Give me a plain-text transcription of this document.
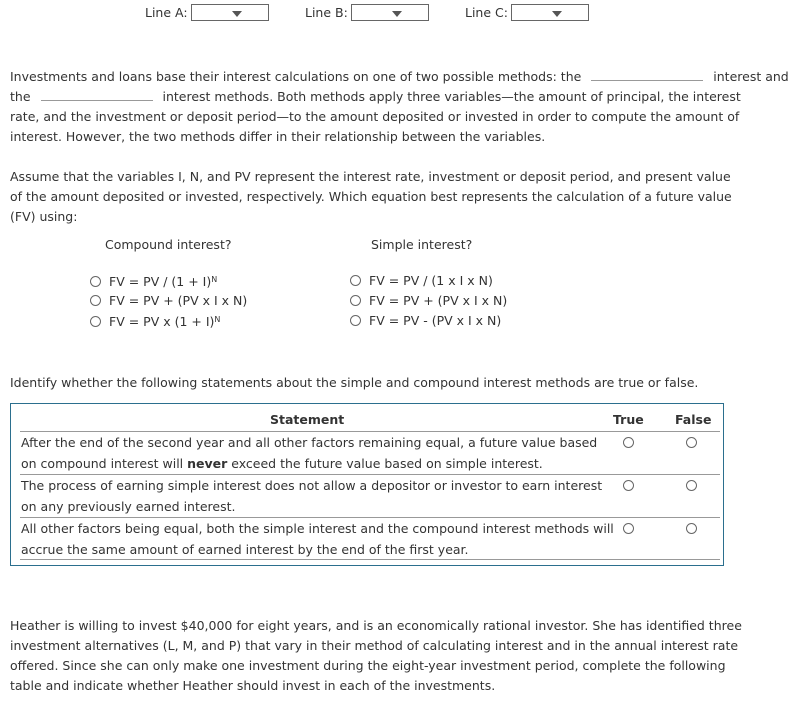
Line A:	Line B:	Line C:
Investments and loans base their interest calculations on one of two possible methods: the	interest and
the	interest methods. Both methods apply three variables—the amount of principal, the interest
rate, and the investment or deposit period—to the amount deposited or invested in order to compute the amount of
interest. However, the two methods differ in their relationship between the variables.
Assume that the variables I, N, and PV represent the interest rate, investment or deposit period, and present value
of the amount deposited or invested, respectively. Which equation best represents the calculation of a future value
(FV) using:
Compound interest?
FV = PV / $(1 + I)^N$
FV = PV + (PV x I x N)
FV = PV x $(1 + I)^N$
Simple interest?
FV = PV / (1 x I x N)
FV = PV + (PV x I x N)
FV = PV - (PV x I x N)
Identify whether the following statements about the simple and compound interest methods are true or false.
Statement	True	False
After the end of the second year and all other factors remaining equal, a future value based
on compound interest will never exceed the future value based on simple interest.
The process of earning simple interest does not allow a depositor or investor to earn interest
on any previously earned interest.
All other factors being equal, both the simple interest and the compound interest methods will
accrue the same amount of earned interest by the end of the first year.
Heather is willing to invest $40,000 for eight years, and is an economically rational investor. She has identified three
investment alternatives (L, M, and P) that vary in their method of calculating interest and in the annual interest rate
offered. Since she can only make one investment during the eight-year investment period, complete the following
table and indicate whether Heather should invest in each of the investments.
